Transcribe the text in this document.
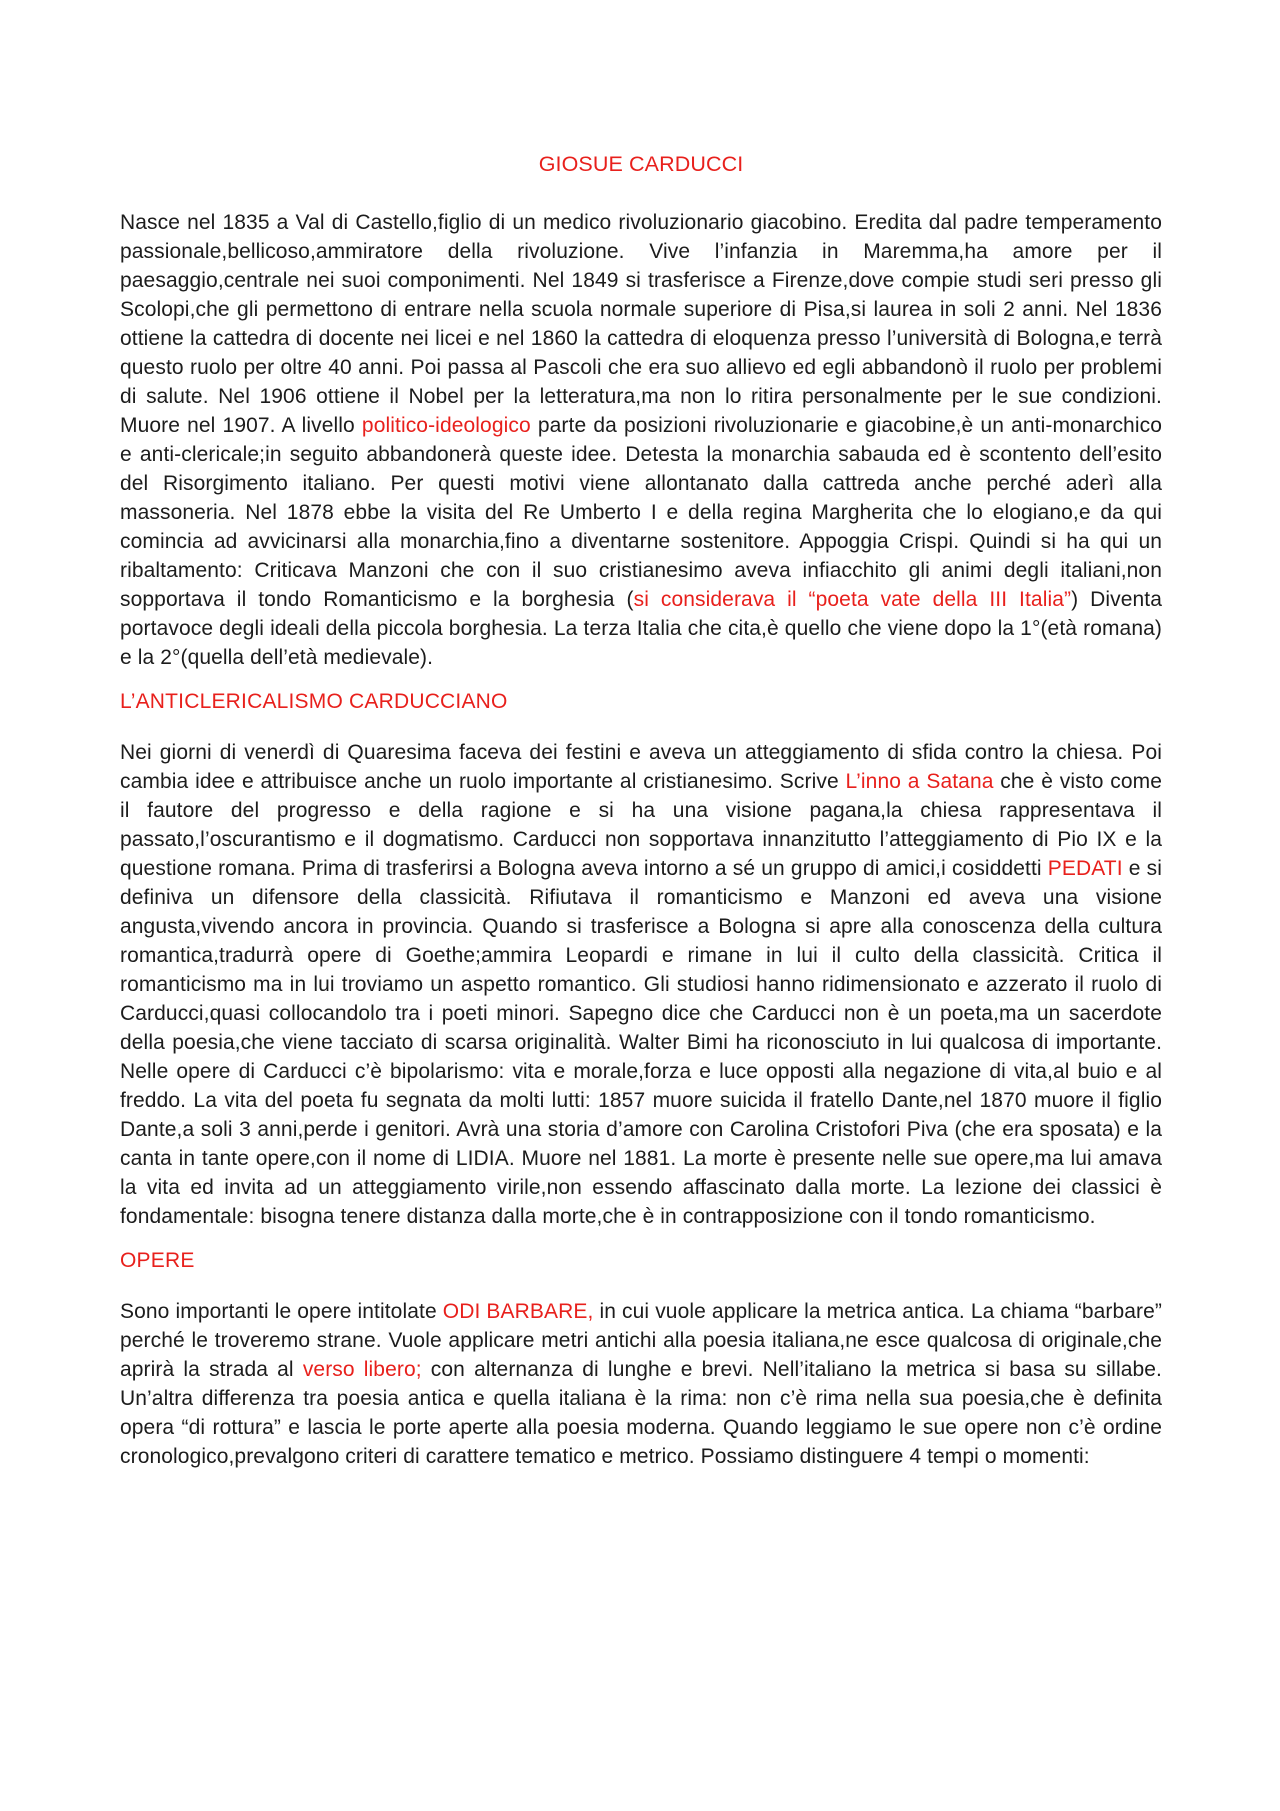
GIOSUE CARDUCCI

Nasce nel 1835 a Val di Castello,figlio di un medico rivoluzionario giacobino. Eredita dal padre temperamento passionale,bellicoso,ammiratore della rivoluzione. Vive l’infanzia in Maremma,ha amore per il paesaggio,centrale nei suoi componimenti. Nel 1849 si trasferisce a Firenze,dove compie studi seri presso gli Scolopi,che gli permettono di entrare nella scuola normale superiore di Pisa,si laurea in soli 2 anni. Nel 1836 ottiene la cattedra di docente nei licei e nel 1860 la cattedra di eloquenza presso l’università di Bologna,e terrà questo ruolo per oltre 40 anni. Poi passa al Pascoli che era suo allievo ed egli abbandonò il ruolo per problemi di salute. Nel 1906 ottiene il Nobel per la letteratura,ma non lo ritira personalmente per le sue condizioni. Muore nel 1907. A livello politico-ideologico parte da posizioni rivoluzionarie e giacobine,è un anti-monarchico e anti-clericale;in seguito abbandonerà queste idee. Detesta la monarchia sabauda ed è scontento dell’esito del Risorgimento italiano. Per questi motivi viene allontanato dalla cattreda anche perché aderì alla massoneria. Nel 1878 ebbe la visita del Re Umberto I e della regina Margherita che lo elogiano,e da qui comincia ad avvicinarsi alla monarchia,fino a diventarne sostenitore. Appoggia Crispi. Quindi si ha qui un ribaltamento: Criticava Manzoni che con il suo cristianesimo aveva infiacchito gli animi degli italiani,non sopportava il tondo Romanticismo e la borghesia (si considerava il “poeta vate della III Italia”) Diventa portavoce degli ideali della piccola borghesia. La terza Italia che cita,è quello che viene dopo la 1°(età romana) e la 2°(quella dell’età medievale).

L’ANTICLERICALISMO CARDUCCIANO

Nei giorni di venerdì di Quaresima faceva dei festini e aveva un atteggiamento di sfida contro la chiesa. Poi cambia idee e attribuisce anche un ruolo importante al cristianesimo. Scrive L’inno a Satana che è visto come il fautore del progresso e della ragione e si ha una visione pagana,la chiesa rappresentava il passato,l’oscurantismo e il dogmatismo. Carducci non sopportava innanzitutto l’atteggiamento di Pio IX e la questione romana. Prima di trasferirsi a Bologna aveva intorno a sé un gruppo di amici,i cosiddetti PEDATI e si definiva un difensore della classicità. Rifiutava il romanticismo e Manzoni ed aveva una visione angusta,vivendo ancora in provincia. Quando si trasferisce a Bologna si apre alla conoscenza della cultura romantica,tradurrà opere di Goethe;ammira Leopardi e rimane in lui il culto della classicità. Critica il romanticismo ma in lui troviamo un aspetto romantico. Gli studiosi hanno ridimensionato e azzerato il ruolo di Carducci,quasi collocandolo tra i poeti minori. Sapegno dice che Carducci non è un poeta,ma un sacerdote della poesia,che viene tacciato di scarsa originalità. Walter Bimi ha riconosciuto in lui qualcosa di importante. Nelle opere di Carducci c’è bipolarismo: vita e morale,forza e luce opposti alla negazione di vita,al buio e al freddo. La vita del poeta fu segnata da molti lutti: 1857 muore suicida il fratello Dante,nel 1870 muore il figlio Dante,a soli 3 anni,perde i genitori. Avrà una storia d’amore con Carolina Cristofori Piva (che era sposata) e la canta in tante opere,con il nome di LIDIA. Muore nel 1881. La morte è presente nelle sue opere,ma lui amava la vita ed invita ad un atteggiamento virile,non essendo affascinato dalla morte. La lezione dei classici è fondamentale: bisogna tenere distanza dalla morte,che è in contrapposizione con il tondo romanticismo.

OPERE

Sono importanti le opere intitolate ODI BARBARE, in cui vuole applicare la metrica antica. La chiama “barbare” perché le troveremo strane. Vuole applicare metri antichi alla poesia italiana,ne esce qualcosa di originale,che aprirà la strada al verso libero; con alternanza di lunghe e brevi. Nell’italiano la metrica si basa su sillabe. Un’altra differenza tra poesia antica e quella italiana è la rima: non c’è rima nella sua poesia,che è definita opera “di rottura” e lascia le porte aperte alla poesia moderna. Quando leggiamo le sue opere non c’è ordine cronologico,prevalgono criteri di carattere tematico e metrico. Possiamo distinguere 4 tempi o momenti:
